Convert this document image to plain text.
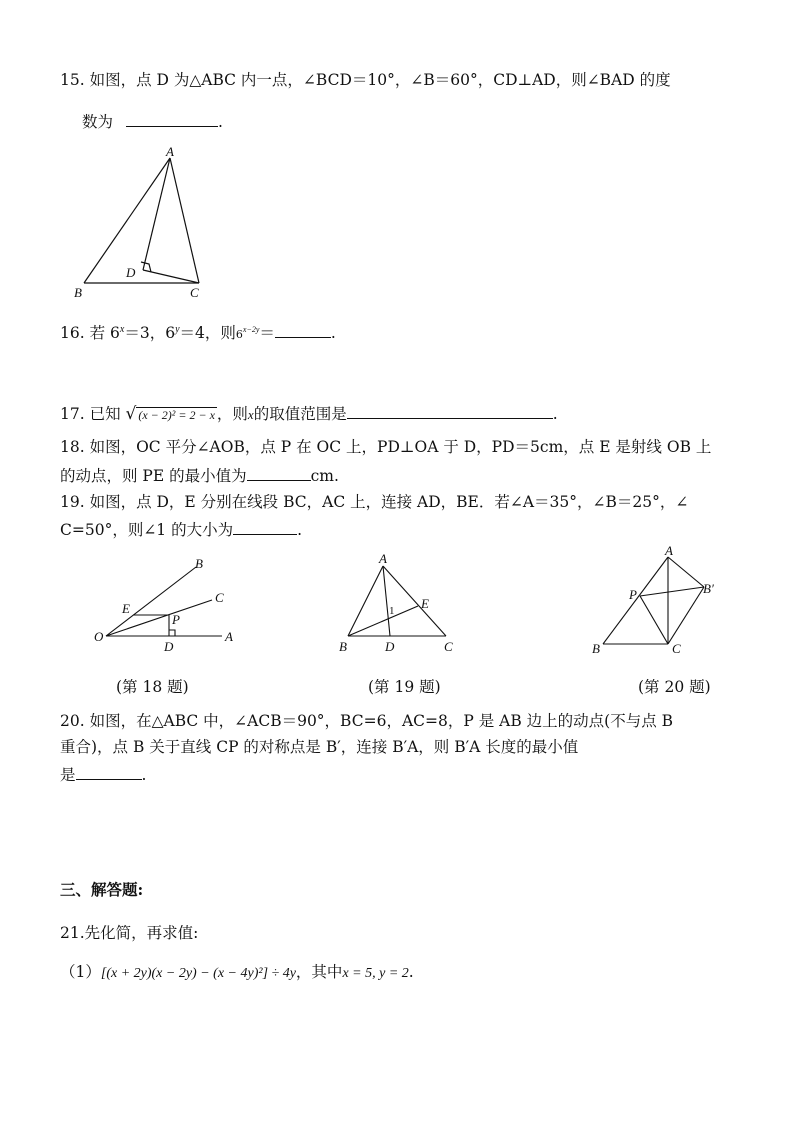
15. 如图，点 D 为△ABC 内一点，∠BCD＝10°，∠B＝60°，CD⊥AD，则∠BAD 的度
数为	.
A
B	C
D
16. 若 $6^x=3$，$6^y=4$，则$6^{x-2y}=$	.
17. 已知 √ (x − 2)² = 2 − x ，则x的取值范围是	.
18. 如图，OC 平分∠AOB，点 P 在 OC 上，PD⊥OA 于 D，PD＝5cm，点 E 是射线 OB 上
的动点，则 PE 的最小值为	cm.
19. 如图，点 D，E 分别在线段 BC，AC 上，连接 AD，BE．若∠A＝35°，∠B＝25°，∠
C=50°，则∠1 的大小为	.
O	A
B
C
E
P
D
A
B	C
D
E
1
A
B	C
P	B′
(第 18 题)	(第 19 题)	(第 20 题)
20. 如图，在△ABC 中，∠ACB＝90°，BC=6，AC=8，P 是 AB 边上的动点(不与点 B
重合)，点 B 关于直线 CP 的对称点是 B′，连接 B′A，则 B′A 长度的最小值
是	.
三、解答题:
21.先化简，再求值:
（1）[(x + 2y)(x − 2y) − (x − 4y)²] ÷ 4y，其中x = 5, y = 2.
